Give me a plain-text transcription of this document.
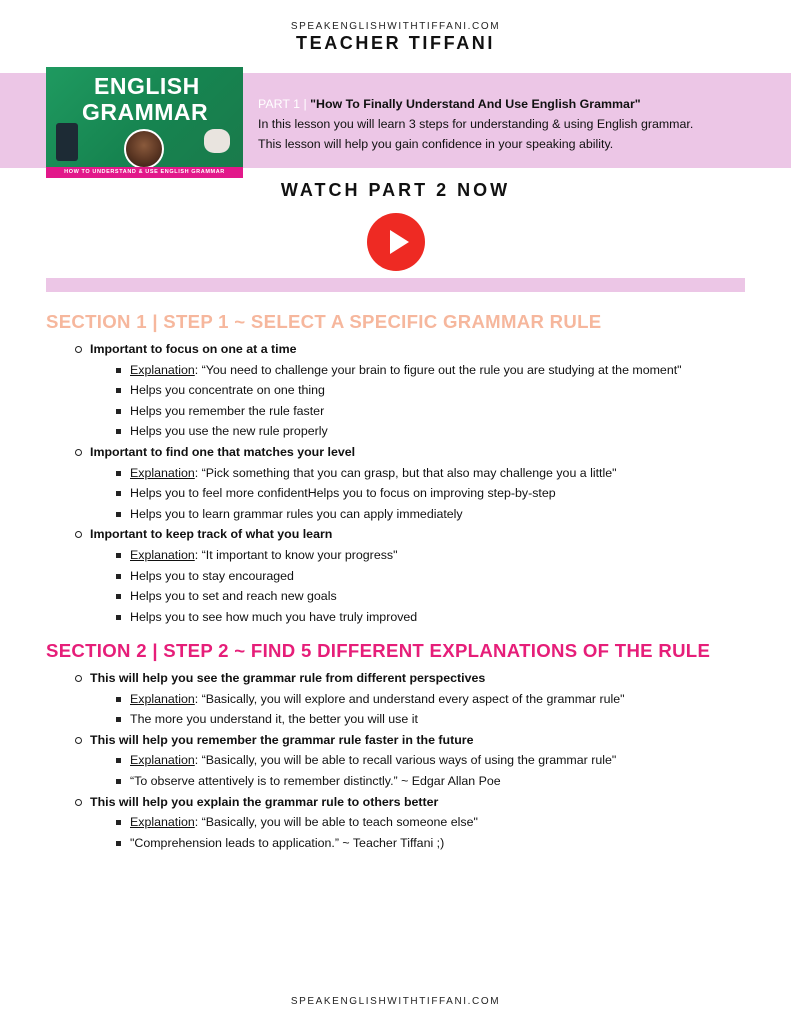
SPEAKENGLISHWITHTIFFANI.COM
TEACHER TIFFANI
ENGLISH
GRAMMAR
HOW TO UNDERSTAND & USE ENGLISH GRAMMAR
PART 1 | "How To Finally Understand And Use English Grammar"
In this lesson you will learn 3 steps for understanding & using English grammar.
This lesson will help you gain confidence in your speaking ability.
WATCH PART 2 NOW
SECTION 1 | STEP 1 ~ SELECT A SPECIFIC GRAMMAR RULE
Important to focus on one at a time
Explanation: “You need to challenge your brain to figure out the rule you are studying at the moment"
Helps you concentrate on one thing
Helps you remember the rule faster
Helps you use the new rule properly
Important to find one that matches your level
Explanation: “Pick something that you can grasp, but that also may challenge you a little"
Helps you to feel more confidentHelps you to focus on improving step-by-step
Helps you to learn grammar rules you can apply immediately
Important to keep track of what you learn
Explanation: “It important to know your progress"
Helps you to stay encouraged
Helps you to set and reach new goals
Helps you to see how much you have truly improved
SECTION 2 | STEP 2 ~ FIND 5 DIFFERENT EXPLANATIONS OF THE RULE
This will help you see the grammar rule from different perspectives
Explanation: “Basically, you will explore and understand every aspect of the grammar rule"
The more you understand it, the better you will use it
This will help you remember the grammar rule faster in the future
Explanation: “Basically, you will be able to recall various ways of using the grammar rule"
“To observe attentively is to remember distinctly.” ~ Edgar Allan Poe
This will help you explain the grammar rule to others better
Explanation: “Basically, you will be able to teach someone else"
"Comprehension leads to application.” ~ Teacher Tiffani ;)
SPEAKENGLISHWITHTIFFANI.COM
